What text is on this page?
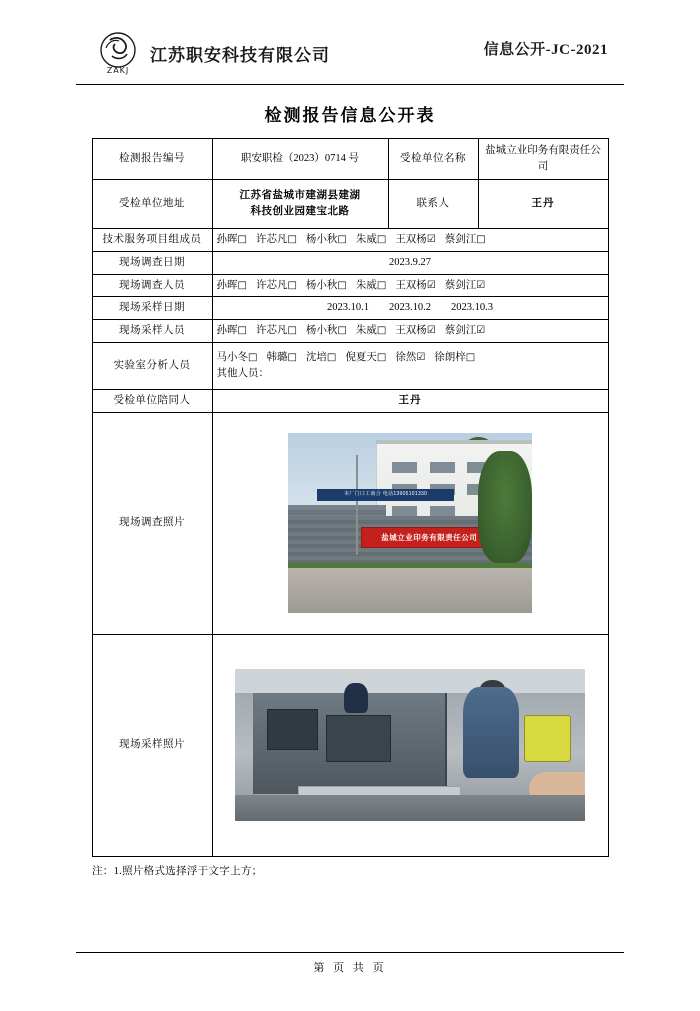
ZAKJ
江苏职安科技有限公司	信息公开-JC-2021
检测报告信息公开表
检测报告编号	职安职检（2023）0714 号	受检单位名称	盐城立业印务有限责任公司
受检单位地址	江苏省盐城市建湖县建湖
科技创业园建宝北路	联系人	王丹
技术服务项目组成员	孙晖□ 许芯凡□ 杨小秋□ 朱威□ 王双杨☑ 蔡剑江□		
现场调查日期	2023.9.27		
现场调查人员	孙晖□ 许芯凡□ 杨小秋□ 朱威□ 王双杨☑ 蔡剑江☑		
现场采样日期	2023.10.1 2023.10.2 2023.10.3		
现场采样人员	孙晖□ 许芯凡□ 杨小秋□ 朱威□ 王双杨☑ 蔡剑江☑		
实验室分析人员	马小冬□ 韩璐□ 沈培□ 倪夏天□ 徐然☑ 徐朗梓□
其他人员：		

受检单位陪同人	王丹		
现场调查照片	本厂门口工商合 电话13905101330
盐城立业印务有限责任公司		

现场采样照片			
注：1.照片格式选择浮于文字上方；
第 页 共 页
